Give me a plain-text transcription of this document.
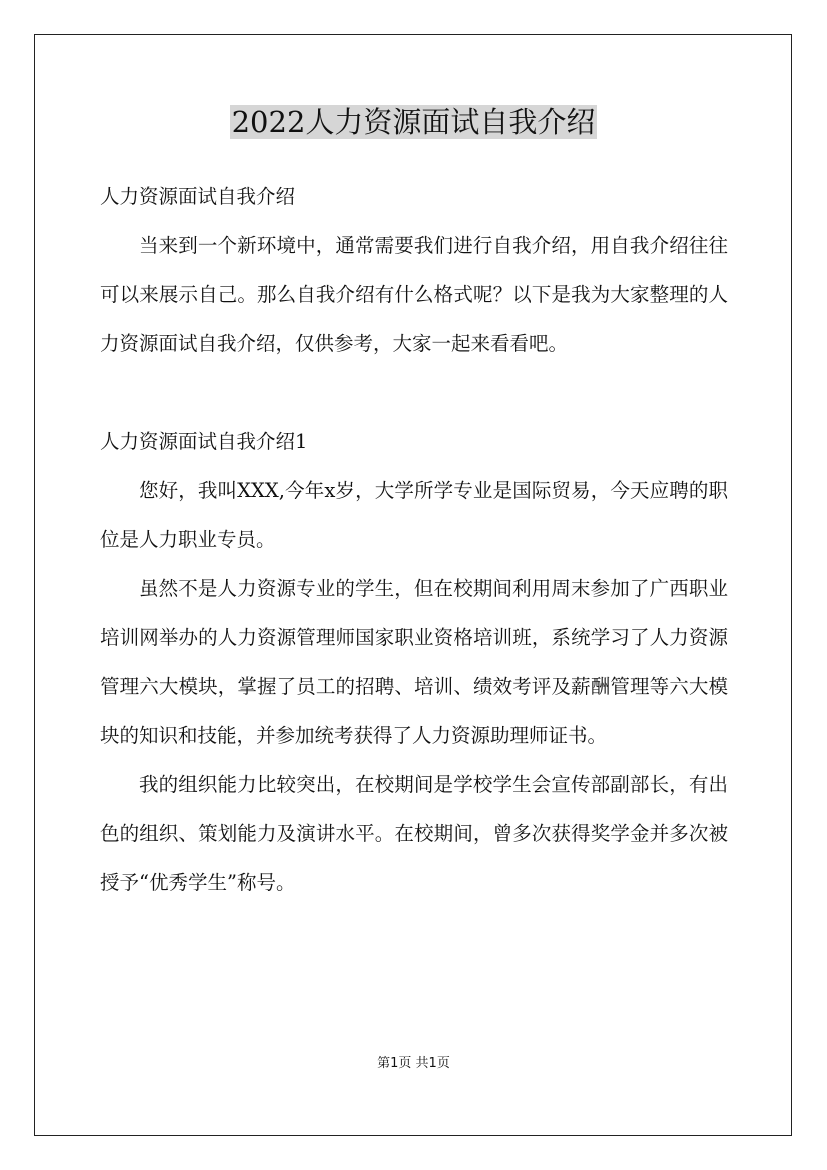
2022人力资源面试自我介绍

人力资源面试自我介绍

当来到一个新环境中，通常需要我们进行自我介绍，用自我介绍往往可以来展示自己。那么自我介绍有什么格式呢？以下是我为大家整理的人力资源面试自我介绍，仅供参考，大家一起来看看吧。

人力资源面试自我介绍1

您好，我叫XXX,今年x岁，大学所学专业是国际贸易，今天应聘的职位是人力职业专员。

虽然不是人力资源专业的学生，但在校期间利用周末参加了广西职业培训网举办的人力资源管理师国家职业资格培训班，系统学习了人力资源管理六大模块，掌握了员工的招聘、培训、绩效考评及薪酬管理等六大模块的知识和技能，并参加统考获得了人力资源助理师证书。

我的组织能力比较突出，在校期间是学校学生会宣传部副部长，有出色的组织、策划能力及演讲水平。在校期间，曾多次获得奖学金并多次被授予“优秀学生”称号。

第1页 共1页
